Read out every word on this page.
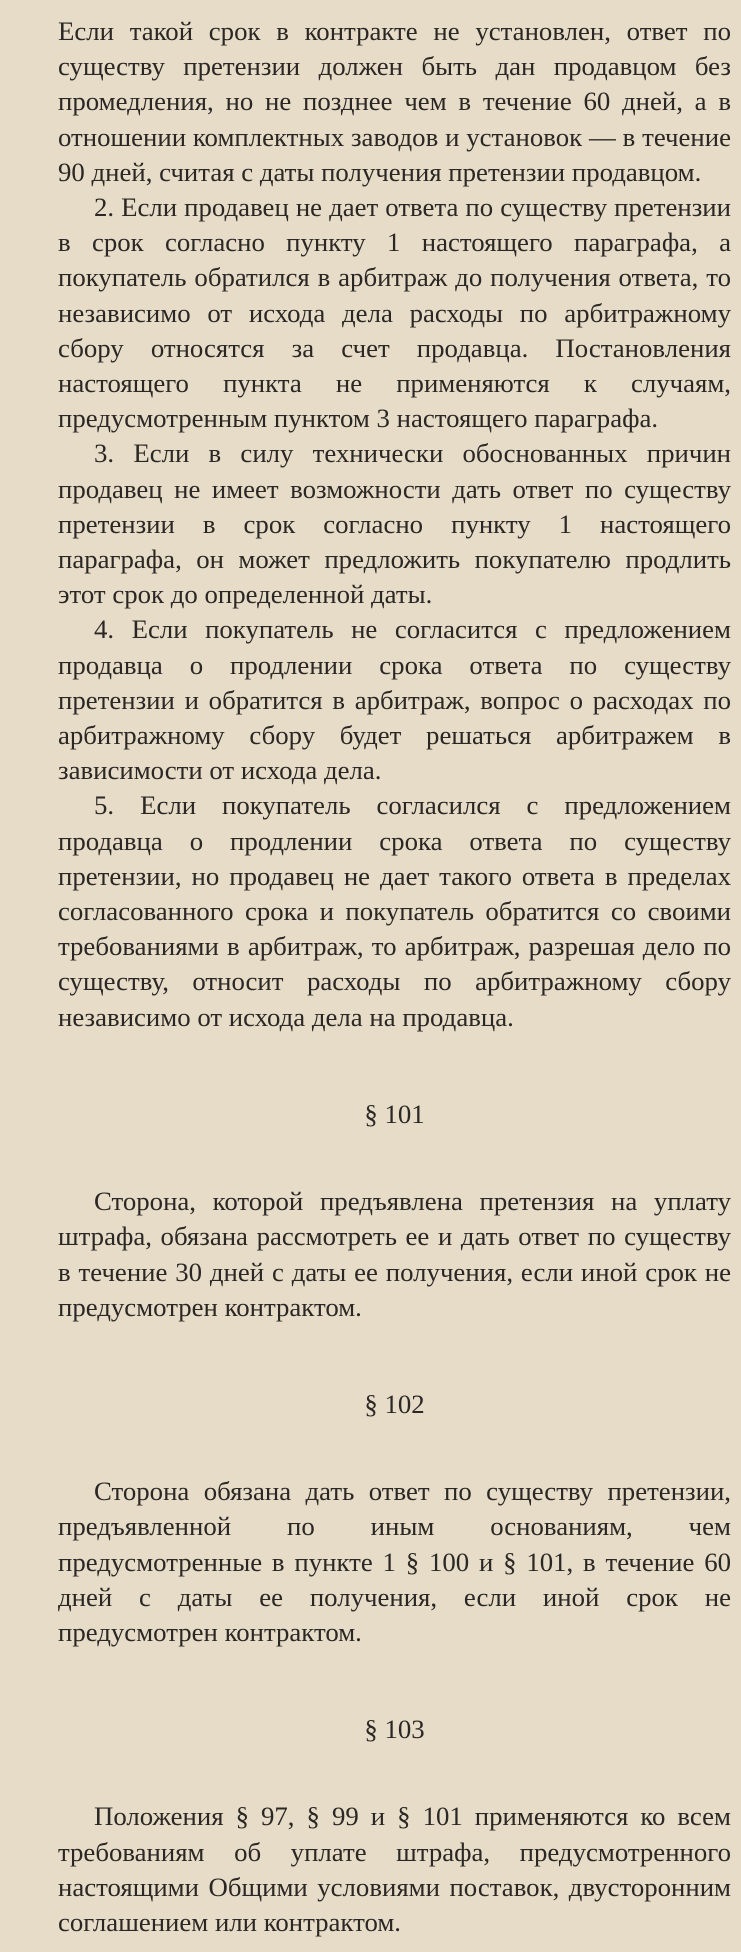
Если такой срок в контракте не установлен, ответ по существу претензии должен быть дан продавцом без промедления, но не позднее чем в течение 60 дней, а в отношении комплектных заводов и установок — в течение 90 дней, считая с даты получения претензии продавцом.

2. Если продавец не дает ответа по существу претензии в срок согласно пункту 1 настоящего параграфа, а покупатель обратился в арбитраж до получения ответа, то независимо от исхода дела расходы по арбитражному сбору относятся за счет продавца. Постановления настоящего пункта не применяются к случаям, предусмотренным пунктом 3 настоящего параграфа.

3. Если в силу технически обоснованных причин продавец не имеет возможности дать ответ по существу претензии в срок согласно пункту 1 настоящего параграфа, он может предложить покупателю продлить этот срок до определенной даты.

4. Если покупатель не согласится с предложением продавца о продлении срока ответа по существу претензии и обратится в арбитраж, вопрос о расходах по арбитражному сбору будет решаться арбитражем в зависимости от исхода дела.

5. Если покупатель согласился с предложением продавца о продлении срока ответа по существу претензии, но продавец не дает такого ответа в пределах согласованного срока и покупатель обратится со своими требованиями в арбитраж, то арбитраж, разрешая дело по существу, относит расходы по арбитражному сбору независимо от исхода дела на продавца.

§ 101

Сторона, которой предъявлена претензия на уплату штрафа, обязана рассмотреть ее и дать ответ по существу в течение 30 дней с даты ее получения, если иной срок не предусмотрен контрактом.

§ 102

Сторона обязана дать ответ по существу претензии, предъявленной по иным основаниям, чем предусмотренные в пункте 1 § 100 и § 101, в течение 60 дней с даты ее получения, если иной срок не предусмотрен контрактом.

§ 103

Положения § 97, § 99 и § 101 применяются ко всем требованиям об уплате штрафа, предусмотренного настоящими Общими условиями поставок, двусторонним соглашением или контрактом.
